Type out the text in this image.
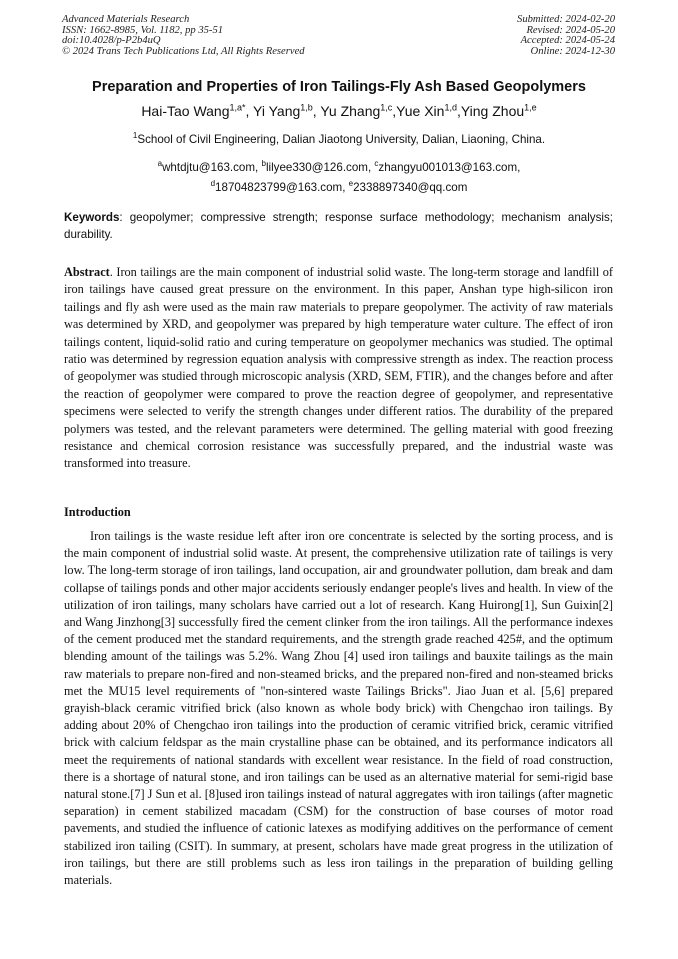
Advanced Materials Research
ISSN: 1662-8985, Vol. 1182, pp 35-51
doi:10.4028/p-P2b4uQ
© 2024 Trans Tech Publications Ltd, All Rights Reserved
Submitted: 2024-02-20
Revised: 2024-05-20
Accepted: 2024-05-24
Online: 2024-12-30
Preparation and Properties of Iron Tailings-Fly Ash Based Geopolymers
Hai-Tao Wang$^{1,a*}$, Yi Yang$^{1,b}$, Yu Zhang$^{1,c}$,Yue Xin$^{1,d}$,Ying Zhou$^{1,e}$
$^1$School of Civil Engineering, Dalian Jiaotong University, Dalian, Liaoning, China.
$^a$whtdjtu@163.com, $^b$lilyee330@126.com, $^c$zhangyu001013@163.com,
$^d$18704823799@163.com, $^e$2338897340@qq.com
Keywords: geopolymer; compressive strength; response surface methodology; mechanism analysis; durability.
Abstract. Iron tailings are the main component of industrial solid waste. The long-term storage and landfill of iron tailings have caused great pressure on the environment. In this paper, Anshan type high-silicon iron tailings and fly ash were used as the main raw materials to prepare geopolymer. The activity of raw materials was determined by XRD, and geopolymer was prepared by high temperature water culture. The effect of iron tailings content, liquid-solid ratio and curing temperature on geopolymer mechanics was studied. The optimal ratio was determined by regression equation analysis with compressive strength as index. The reaction process of geopolymer was studied through microscopic analysis (XRD, SEM, FTIR), and the changes before and after the reaction of geopolymer were compared to prove the reaction degree of geopolymer, and representative specimens were selected to verify the strength changes under different ratios. The durability of the prepared polymers was tested, and the relevant parameters were determined. The gelling material with good freezing resistance and chemical corrosion resistance was successfully prepared, and the industrial waste was transformed into treasure.
Introduction
Iron tailings is the waste residue left after iron ore concentrate is selected by the sorting process, and is the main component of industrial solid waste. At present, the comprehensive utilization rate of tailings is very low. The long-term storage of iron tailings, land occupation, air and groundwater pollution, dam break and dam collapse of tailings ponds and other major accidents seriously endanger people's lives and health. In view of the utilization of iron tailings, many scholars have carried out a lot of research. Kang Huirong[1], Sun Guixin[2] and Wang Jinzhong[3] successfully fired the cement clinker from the iron tailings. All the performance indexes of the cement produced met the standard requirements, and the strength grade reached 425#, and the optimum blending amount of the tailings was 5.2%. Wang Zhou [4] used iron tailings and bauxite tailings as the main raw materials to prepare non-fired and non-steamed bricks, and the prepared non-fired and non-steamed bricks met the MU15 level requirements of "non-sintered waste Tailings Bricks". Jiao Juan et al. [5,6] prepared grayish-black ceramic vitrified brick (also known as whole body brick) with Chengchao iron tailings. By adding about 20% of Chengchao iron tailings into the production of ceramic vitrified brick, ceramic vitrified brick with calcium feldspar as the main crystalline phase can be obtained, and its performance indicators all meet the requirements of national standards with excellent wear resistance. In the field of road construction, there is a shortage of natural stone, and iron tailings can be used as an alternative material for semi-rigid base natural stone.[7] J Sun et al. [8]used iron tailings instead of natural aggregates with iron tailings (after magnetic separation) in cement stabilized macadam (CSM) for the construction of base courses of motor road pavements, and studied the influence of cationic latexes as modifying additives on the performance of cement stabilized iron tailing (CSIT). In summary, at present, scholars have made great progress in the utilization of iron tailings, but there are still problems such as less iron tailings in the preparation of building gelling materials.
